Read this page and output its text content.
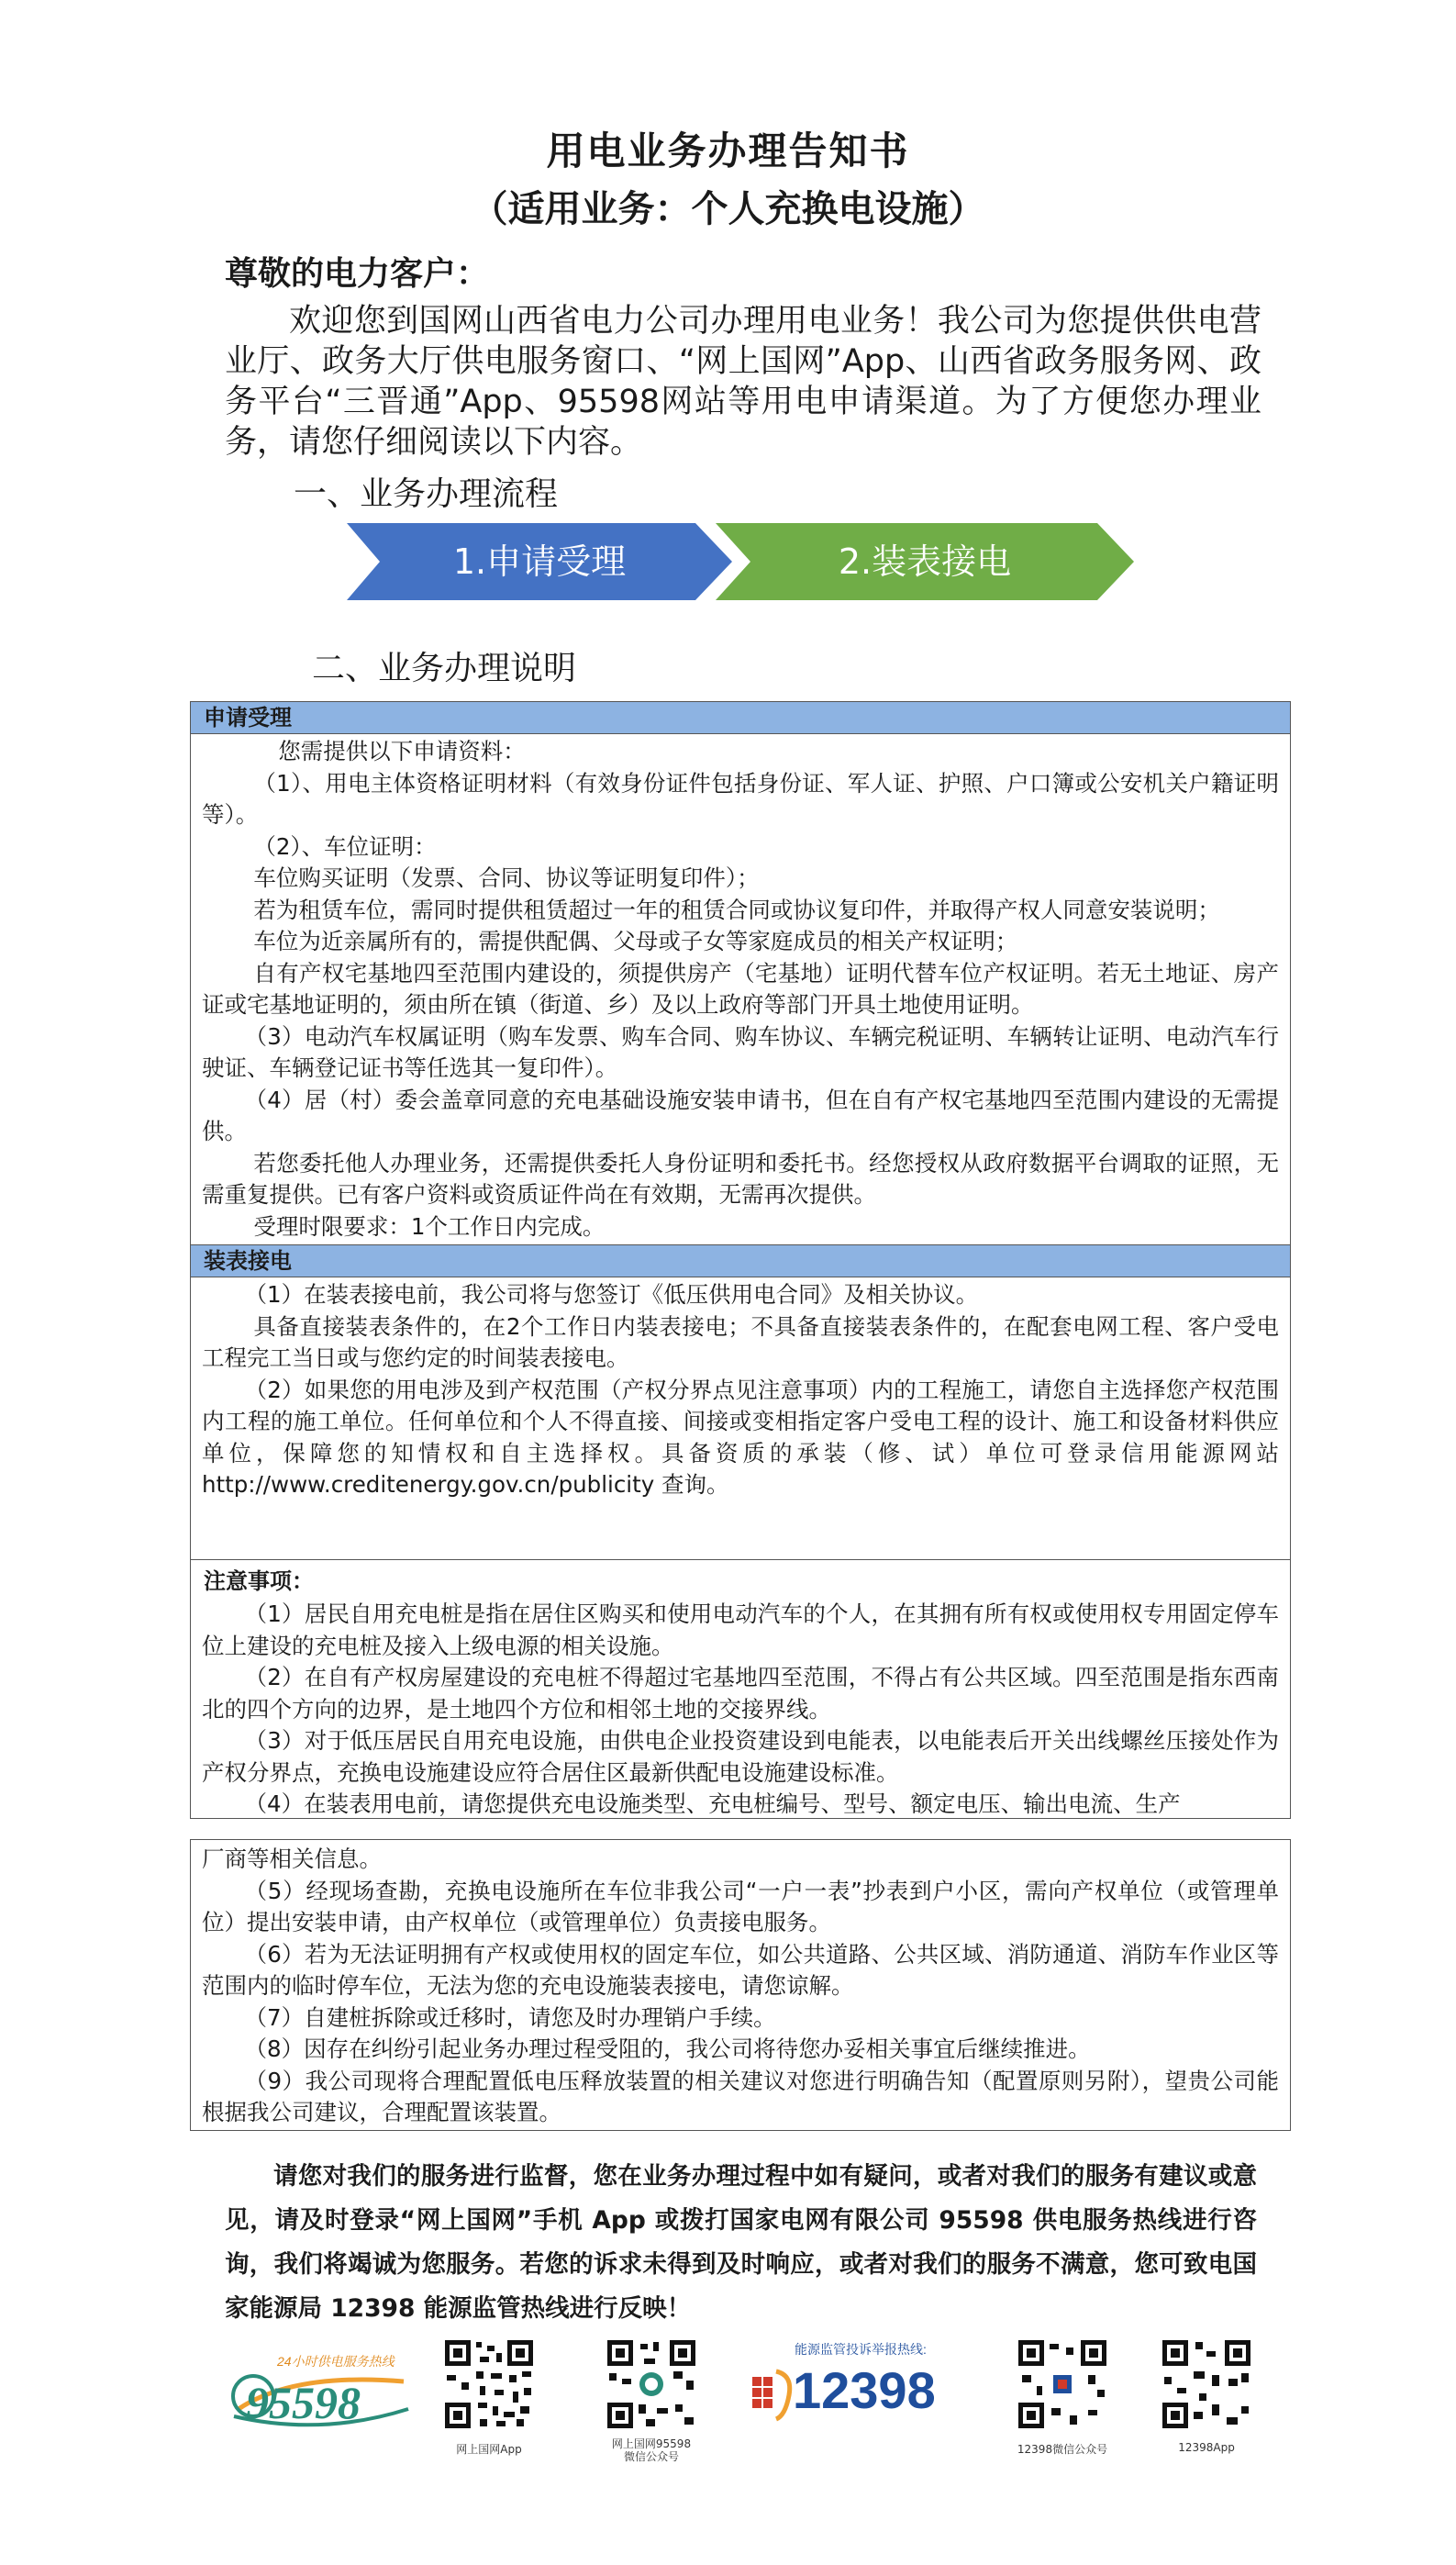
用电业务办理告知书
（适用业务：个人充换电设施）
尊敬的电力客户：
欢迎您到国网山西省电力公司办理用电业务！我公司为您提供供电营业厅、政务大厅供电服务窗口、“网上国网”App、山西省政务服务网、政务平台“三晋通”App、95598网站等用电申请渠道。为了方便您办理业务，请您仔细阅读以下内容。
一、业务办理流程
1.申请受理	2.装表接电
二、业务办理说明
申请受理

您需提供以下申请资料：

（1）、用电主体资格证明材料（有效身份证件包括身份证、军人证、护照、户口簿或公安机关户籍证明等）。

（2）、车位证明：

车位购买证明（发票、合同、协议等证明复印件）；

若为租赁车位，需同时提供租赁超过一年的租赁合同或协议复印件，并取得产权人同意安装说明；

车位为近亲属所有的，需提供配偶、父母或子女等家庭成员的相关产权证明；

自有产权宅基地四至范围内建设的，须提供房产（宅基地）证明代替车位产权证明。若无土地证、房产证或宅基地证明的，须由所在镇（街道、乡）及以上政府等部门开具土地使用证明。

（3）电动汽车权属证明（购车发票、购车合同、购车协议、车辆完税证明、车辆转让证明、电动汽车行驶证、车辆登记证书等任选其一复印件）。

（4）居（村）委会盖章同意的充电基础设施安装申请书，但在自有产权宅基地四至范围内建设的无需提供。

若您委托他人办理业务，还需提供委托人身份证明和委托书。经您授权从政府数据平台调取的证照，无需重复提供。已有客户资料或资质证件尚在有效期，无需再次提供。

受理时限要求：1个工作日内完成。

装表接电

（1）在装表接电前，我公司将与您签订《低压供用电合同》及相关协议。

具备直接装表条件的，在2个工作日内装表接电；不具备直接装表条件的，在配套电网工程、客户受电工程完工当日或与您约定的时间装表接电。

（2）如果您的用电涉及到产权范围（产权分界点见注意事项）内的工程施工，请您自主选择您产权范围内工程的施工单位。任何单位和个人不得直接、间接或变相指定客户受电工程的设计、施工和设备材料供应单位，保障您的知情权和自主选择权。具备资质的承装（修、试）单位可登录信用能源网站 http://www.creditenergy.gov.cn/publicity 查询。

注意事项：

（1）居民自用充电桩是指在居住区购买和使用电动汽车的个人，在其拥有所有权或使用权专用固定停车位上建设的充电桩及接入上级电源的相关设施。

（2）在自有产权房屋建设的充电桩不得超过宅基地四至范围，不得占有公共区域。四至范围是指东西南北的四个方向的边界，是土地四个方位和相邻土地的交接界线。

（3）对于低压居民自用充电设施，由供电企业投资建设到电能表，以电能表后开关出线螺丝压接处作为产权分界点，充换电设施建设应符合居住区最新供配电设施建设标准。

（4）在装表用电前，请您提供充电设施类型、充电桩编号、型号、额定电压、输出电流、生产

厂商等相关信息。

（5）经现场查勘，充换电设施所在车位非我公司“一户一表”抄表到户小区，需向产权单位（或管理单位）提出安装申请，由产权单位（或管理单位）负责接电服务。

（6）若为无法证明拥有产权或使用权的固定车位，如公共道路、公共区域、消防通道、消防车作业区等范围内的临时停车位，无法为您的充电设施装表接电，请您谅解。

（7）自建桩拆除或迁移时，请您及时办理销户手续。

（8）因存在纠纷引起业务办理过程受阻的，我公司将待您办妥相关事宜后继续推进。

（9）我公司现将合理配置低电压释放装置的相关建议对您进行明确告知（配置原则另附），望贵公司能根据我公司建议，合理配置该装置。

请您对我们的服务进行监督，您在业务办理过程中如有疑问，或者对我们的服务有建议或意见，请及时登录“网上国网”手机 App 或拨打国家电网有限公司 95598 供电服务热线进行咨询，我们将竭诚为您服务。若您的诉求未得到及时响应，或者对我们的服务不满意，您可致电国家能源局 12398 能源监管热线进行反映！
24小时供电服务热线
95598
网上国网App	网上国网95598
微信公众号
能源监管投诉举报热线:
12398
12398微信公众号	12398App
